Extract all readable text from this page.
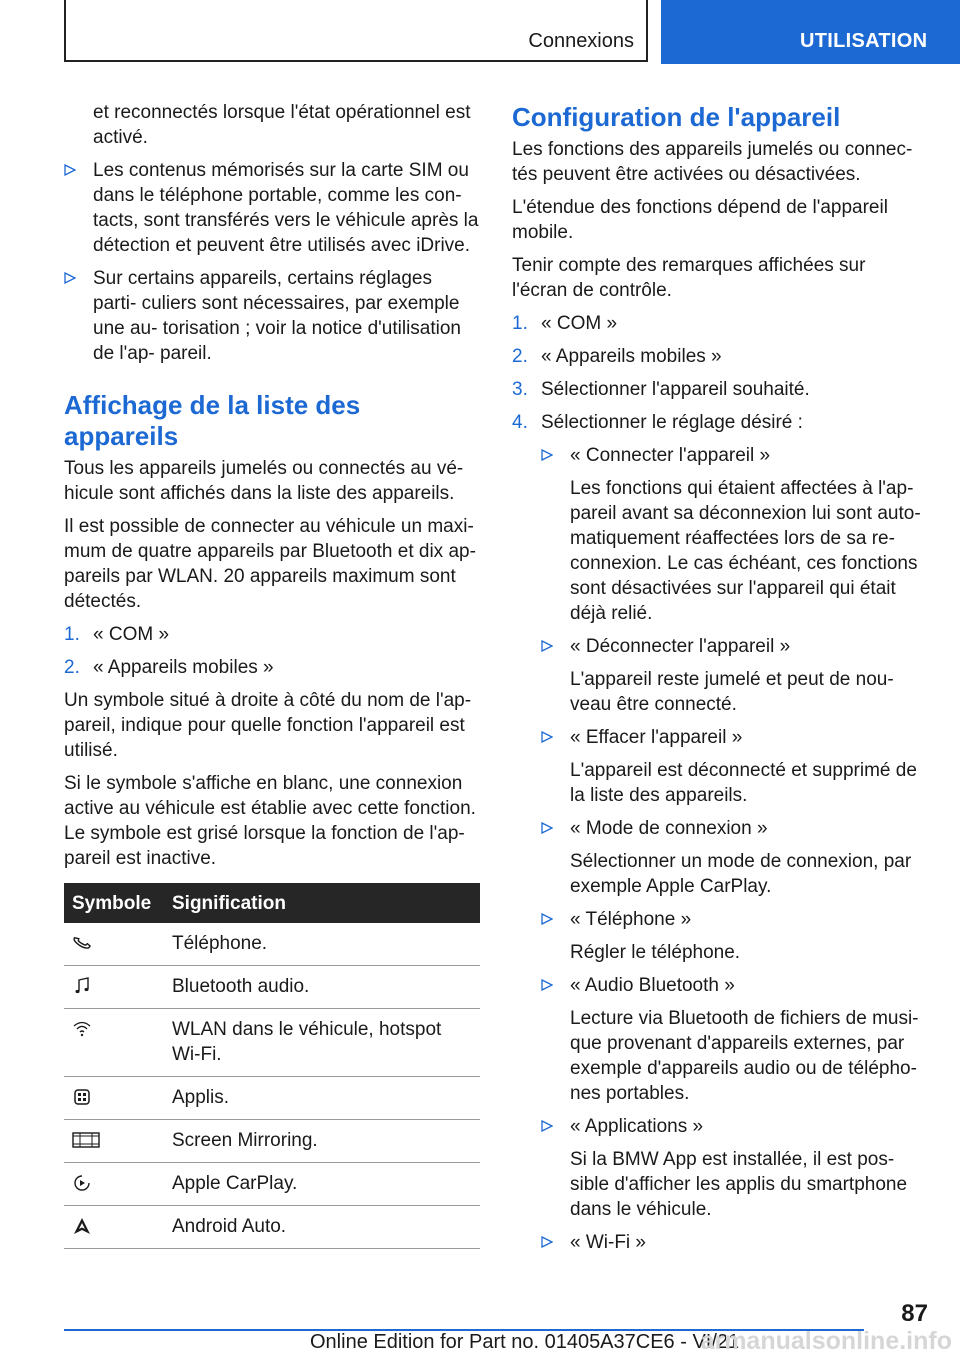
Connexions	UTILISATION

et reconnectés lorsque l'état opérationnel est activé.

Les contenus mémorisés sur la carte SIM ou dans le téléphone portable, comme les con- tacts, sont transférés vers le véhicule après la détection et peuvent être utilisés avec iDrive.
Sur certains appareils, certains réglages parti- culiers sont nécessaires, par exemple une au- torisation ; voir la notice d'utilisation de l'ap- pareil.
Affichage de la liste des appareils

Tous les appareils jumelés ou connectés au vé- hicule sont affichés dans la liste des appareils.

Il est possible de connecter au véhicule un maxi- mum de quatre appareils par Bluetooth et dix ap- pareils par WLAN. 20 appareils maximum sont détectés.

1. « COM »
2. « Appareils mobiles »

Un symbole situé à droite à côté du nom de l'ap- pareil, indique pour quelle fonction l'appareil est utilisé.

Si le symbole s'affiche en blanc, une connexion active au véhicule est établie avec cette fonction. Le symbole est grisé lorsque la fonction de l'ap- pareil est inactive.

Symbole	Signification
	Téléphone.
	Bluetooth audio.
	WLAN dans le véhicule, hotspot Wi-Fi.
	Applis.
	Screen Mirroring.
	Apple CarPlay.
	Android Auto.
Configuration de l'appareil

Les fonctions des appareils jumelés ou connec- tés peuvent être activées ou désactivées.

L'étendue des fonctions dépend de l'appareil mobile.

Tenir compte des remarques affichées sur l'écran de contrôle.

1. « COM »
2. « Appareils mobiles »
3. Sélectionner l'appareil souhaité.
4. Sélectionner le réglage désiré :
« Connecter l'appareil »
Les fonctions qui étaient affectées à l'ap- pareil avant sa déconnexion lui sont auto- matiquement réaffectées lors de sa re- connexion. Le cas échéant, ces fonctions sont désactivées sur l'appareil qui était déjà relié.
« Déconnecter l'appareil »
L'appareil reste jumelé et peut de nou- veau être connecté.
« Effacer l'appareil »
L'appareil est déconnecté et supprimé de la liste des appareils.
« Mode de connexion »
Sélectionner un mode de connexion, par exemple Apple CarPlay.
« Téléphone »
Régler le téléphone.
« Audio Bluetooth »
Lecture via Bluetooth de fichiers de musi- que provenant d'appareils externes, par exemple d'appareils audio ou de télépho- nes portables.
« Applications »
Si la BMW App est installée, il est pos- sible d'afficher les applis du smartphone dans le véhicule.
« Wi-Fi »
87
Online Edition for Part no. 01405A37CE6 - VI/21
armanualsonline.info
